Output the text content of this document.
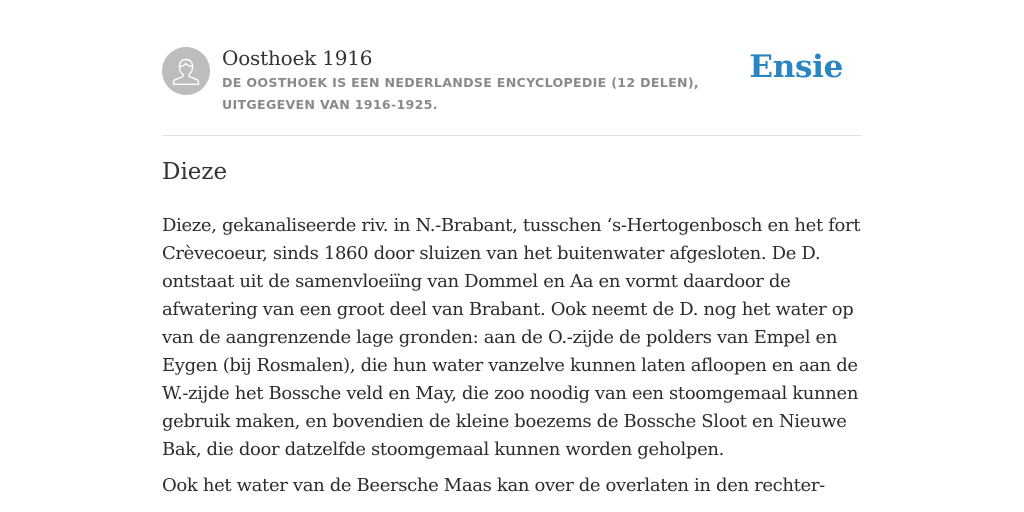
Oosthoek 1916
DE OOSTHOEK IS EEN NEDERLANDSE ENCYCLOPEDIE (12 DELEN), UITGEGEVEN VAN 1916-1925.
Ensie
Dieze

Dieze, gekanaliseerde riv. in N.-Brabant, tusschen ‘s-Hertogenbosch en het fort Crèvecoeur, sinds 1860 door sluizen van het buitenwater afgesloten. De D. ontstaat uit de samenvloeiïng van Dommel en Aa en vormt daardoor de afwatering van een groot deel van Brabant. Ook neemt de D. nog het water op van de aangrenzende lage gronden: aan de O.-zijde de polders van Empel en Eygen (bij Rosmalen), die hun water vanzelve kunnen laten afloopen en aan de W.-zijde het Bossche veld en May, die zoo noodig van een stoomgemaal kunnen gebruik maken, en bovendien de kleine boezems de Bossche Sloot en Nieuwe Bak, die door datzelfde stoomgemaal kunnen worden geholpen.

Ook het water van de Beersche Maas kan over de overlaten in den rechter-
